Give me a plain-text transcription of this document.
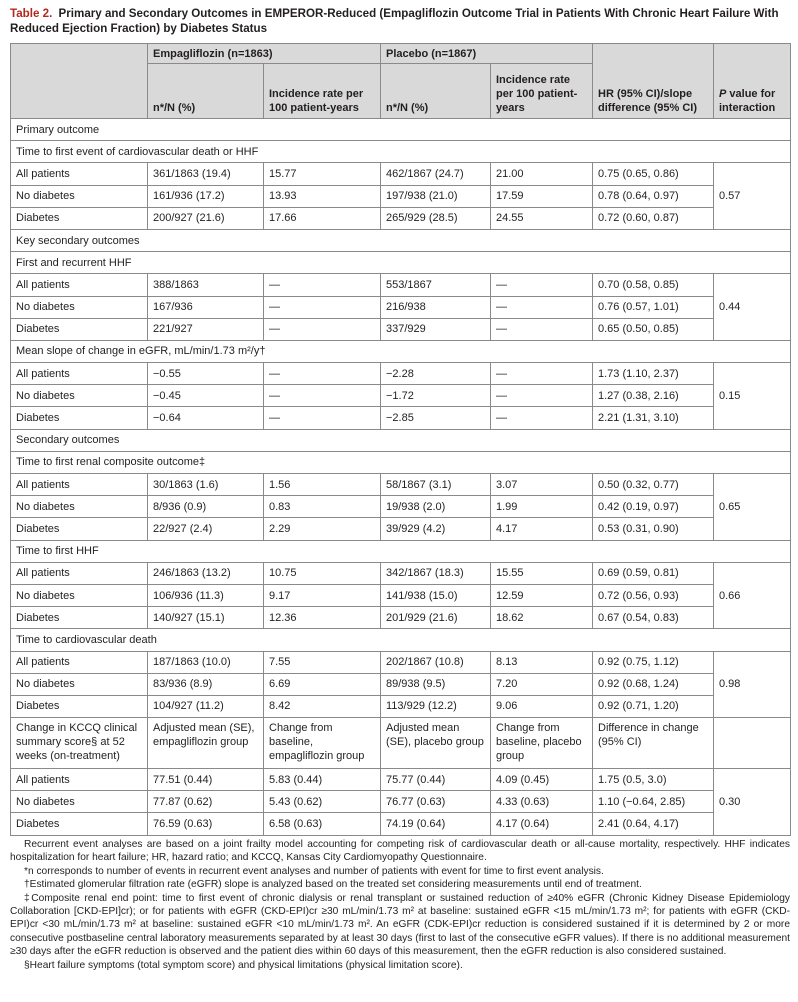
Table 2. Primary and Secondary Outcomes in EMPEROR-Reduced (Empagliflozin Outcome Trial in Patients With Chronic Heart Failure With Reduced Ejection Fraction) by Diabetes Status
	Empagliflozin (n=1863)		Placebo (n=1867)		HR (95% CI)/slope difference (95% CI)	P value for interaction
	n*/N (%)	Incidence rate per 100 patient-years	n*/N (%)	Incidence rate per 100 patient-years		
Primary outcome						
Time to first event of cardiovascular death or HHF						
All patients	361/1863 (19.4)	15.77	462/1867 (24.7)	21.00	0.75 (0.65, 0.86)	0.57
No diabetes	161/936 (17.2)	13.93	197/938 (21.0)	17.59	0.78 (0.64, 0.97)	
Diabetes	200/927 (21.6)	17.66	265/929 (28.5)	24.55	0.72 (0.60, 0.87)	
Key secondary outcomes						
First and recurrent HHF						
All patients	388/1863	—	553/1867	—	0.70 (0.58, 0.85)	0.44
No diabetes	167/936	—	216/938	—	0.76 (0.57, 1.01)	
Diabetes	221/927	—	337/929	—	0.65 (0.50, 0.85)	
Mean slope of change in eGFR, mL/min/1.73 m²/y†						
All patients	−0.55	—	−2.28	—	1.73 (1.10, 2.37)	0.15
No diabetes	−0.45	—	−1.72	—	1.27 (0.38, 2.16)	
Diabetes	−0.64	—	−2.85	—	2.21 (1.31, 3.10)	
Secondary outcomes						
Time to first renal composite outcome‡						
All patients	30/1863 (1.6)	1.56	58/1867 (3.1)	3.07	0.50 (0.32, 0.77)	0.65
No diabetes	8/936 (0.9)	0.83	19/938 (2.0)	1.99	0.42 (0.19, 0.97)	
Diabetes	22/927 (2.4)	2.29	39/929 (4.2)	4.17	0.53 (0.31, 0.90)	
Time to first HHF						
All patients	246/1863 (13.2)	10.75	342/1867 (18.3)	15.55	0.69 (0.59, 0.81)	0.66
No diabetes	106/936 (11.3)	9.17	141/938 (15.0)	12.59	0.72 (0.56, 0.93)	
Diabetes	140/927 (15.1)	12.36	201/929 (21.6)	18.62	0.67 (0.54, 0.83)	
Time to cardiovascular death						
All patients	187/1863 (10.0)	7.55	202/1867 (10.8)	8.13	0.92 (0.75, 1.12)	0.98
No diabetes	83/936 (8.9)	6.69	89/938 (9.5)	7.20	0.92 (0.68, 1.24)	
Diabetes	104/927 (11.2)	8.42	113/929 (12.2)	9.06	0.92 (0.71, 1.20)	
Change in KCCQ clinical summary score§ at 52 weeks (on-treatment)	Adjusted mean (SE), empagliflozin group	Change from baseline, empagliflozin group	Adjusted mean (SE), placebo group	Change from baseline, placebo group	Difference in change (95% CI)	
All patients	77.51 (0.44)	5.83 (0.44)	75.77 (0.44)	4.09 (0.45)	1.75 (0.5, 3.0)	0.30
No diabetes	77.87 (0.62)	5.43 (0.62)	76.77 (0.63)	4.33 (0.63)	1.10 (−0.64, 2.85)	
Diabetes	76.59 (0.63)	6.58 (0.63)	74.19 (0.64)	4.17 (0.64)	2.41 (0.64, 4.17)	

Recurrent event analyses are based on a joint frailty model accounting for competing risk of cardiovascular death or all-cause mortality, respectively. HHF indicates hospitalization for heart failure; HR, hazard ratio; and KCCQ, Kansas City Cardiomyopathy Questionnaire.

*n corresponds to number of events in recurrent event analyses and number of patients with event for time to first event analysis.

†Estimated glomerular filtration rate (eGFR) slope is analyzed based on the treated set considering measurements until end of treatment.

‡Composite renal end point: time to first event of chronic dialysis or renal transplant or sustained reduction of ≥40% eGFR (Chronic Kidney Disease Epidemiology Collaboration [CKD-EPI]cr); or for patients with eGFR (CKD-EPI)cr ≥30 mL/min/1.73 m² at baseline: sustained eGFR <15 mL/min/1.73 m²; for patients with eGFR (CKD-EPI)cr <30 mL/min/1.73 m² at baseline: sustained eGFR <10 mL/min/1.73 m². An eGFR (CDK-EPI)cr reduction is considered sustained if it is determined by 2 or more consecutive postbaseline central laboratory measurements separated by at least 30 days (first to last of the consecutive eGFR values). If there is no additional measurement ≥30 days after the eGFR reduction is observed and the patient dies within 60 days of this measurement, then the eGFR reduction is also considered sustained.

§Heart failure symptoms (total symptom score) and physical limitations (physical limitation score).
